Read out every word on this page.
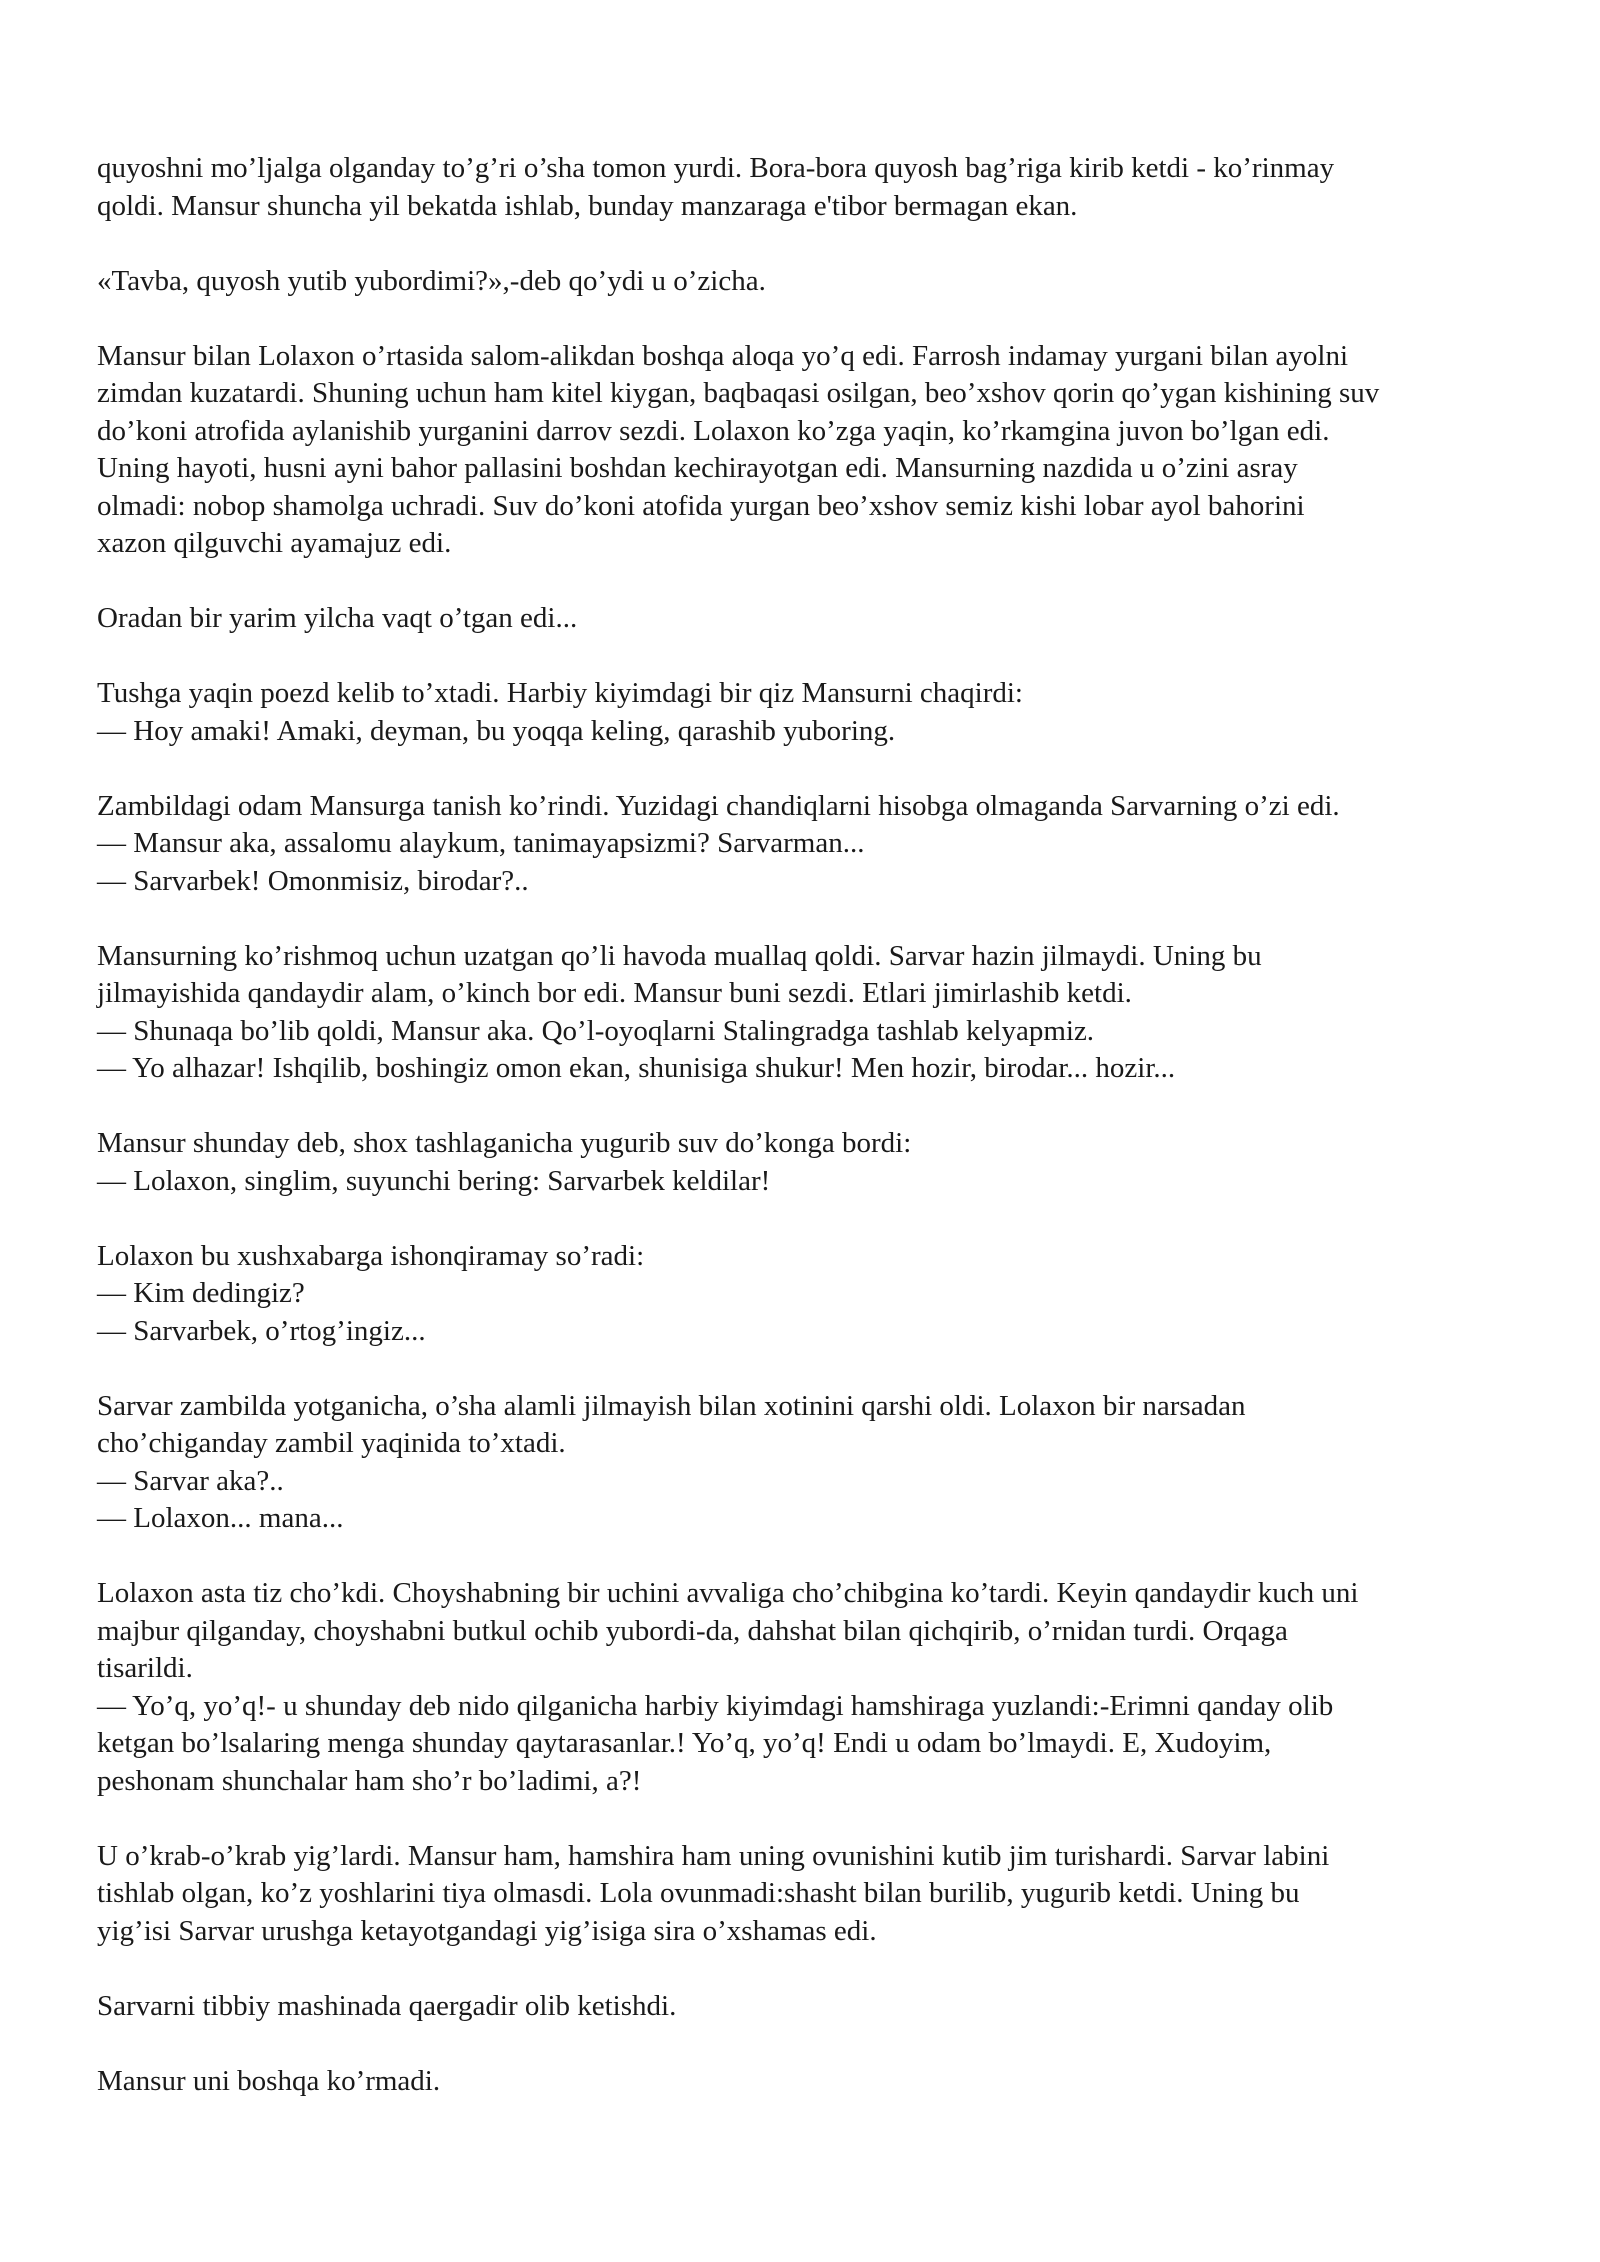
quyoshni mo’ljalga olganday to’g’ri o’sha tomon yurdi. Bora-bora quyosh bag’riga kirib ketdi - ko’rinmay
qoldi. Mansur shuncha yil bekatda ishlab, bunday manzaraga e'tibor bermagan ekan.

«Tavba, quyosh yutib yubordimi?»,-deb qo’ydi u o’zicha.

Mansur bilan Lolaxon o’rtasida salom-alikdan boshqa aloqa yo’q edi. Farrosh indamay yurgani bilan ayolni
zimdan kuzatardi. Shuning uchun ham kitel kiygan, baqbaqasi osilgan, beo’xshov qorin qo’ygan kishining suv
do’koni atrofida aylanishib yurganini darrov sezdi. Lolaxon ko’zga yaqin, ko’rkamgina juvon bo’lgan edi.
Uning hayoti, husni ayni bahor pallasini boshdan kechirayotgan edi. Mansurning nazdida u o’zini asray
olmadi: nobop shamolga uchradi. Suv do’koni atofida yurgan beo’xshov semiz kishi lobar ayol bahorini
xazon qilguvchi ayamajuz edi.

Oradan bir yarim yilcha vaqt o’tgan edi...

Tushga yaqin poezd kelib to’xtadi. Harbiy kiyimdagi bir qiz Mansurni chaqirdi:
— Hoy amaki! Amaki, deyman, bu yoqqa keling, qarashib yuboring.

Zambildagi odam Mansurga tanish ko’rindi. Yuzidagi chandiqlarni hisobga olmaganda Sarvarning o’zi edi.
— Mansur aka, assalomu alaykum, tanimayapsizmi? Sarvarman...
— Sarvarbek! Omonmisiz, birodar?..

Mansurning ko’rishmoq uchun uzatgan qo’li havoda muallaq qoldi. Sarvar hazin jilmaydi. Uning bu
jilmayishida qandaydir alam, o’kinch bor edi. Mansur buni sezdi. Etlari jimirlashib ketdi.
— Shunaqa bo’lib qoldi, Mansur aka. Qo’l-oyoqlarni Stalingradga tashlab kelyapmiz.
— Yo alhazar! Ishqilib, boshingiz omon ekan, shunisiga shukur! Men hozir, birodar... hozir...

Mansur shunday deb, shox tashlaganicha yugurib suv do’konga bordi:
— Lolaxon, singlim, suyunchi bering: Sarvarbek keldilar!

Lolaxon bu xushxabarga ishonqiramay so’radi:
— Kim dedingiz?
— Sarvarbek, o’rtog’ingiz...

Sarvar zambilda yotganicha, o’sha alamli jilmayish bilan xotinini qarshi oldi. Lolaxon bir narsadan
cho’chiganday zambil yaqinida to’xtadi.
— Sarvar aka?..
— Lolaxon... mana...

Lolaxon asta tiz cho’kdi. Choyshabning bir uchini avvaliga cho’chibgina ko’tardi. Keyin qandaydir kuch uni
majbur qilganday, choyshabni butkul ochib yubordi-da, dahshat bilan qichqirib, o’rnidan turdi. Orqaga
tisarildi.
— Yo’q, yo’q!- u shunday deb nido qilganicha harbiy kiyimdagi hamshiraga yuzlandi:-Erimni qanday olib
ketgan bo’lsalaring menga shunday qaytarasanlar.! Yo’q, yo’q! Endi u odam bo’lmaydi. E, Xudoyim,
peshonam shunchalar ham sho’r bo’ladimi, a?!

U o’krab-o’krab yig’lardi. Mansur ham, hamshira ham uning ovunishini kutib jim turishardi. Sarvar labini
tishlab olgan, ko’z yoshlarini tiya olmasdi. Lola ovunmadi:shasht bilan burilib, yugurib ketdi. Uning bu
yig’isi Sarvar urushga ketayotgandagi yig’isiga sira o’xshamas edi.

Sarvarni tibbiy mashinada qaergadir olib ketishdi.

Mansur uni boshqa ko’rmadi.
